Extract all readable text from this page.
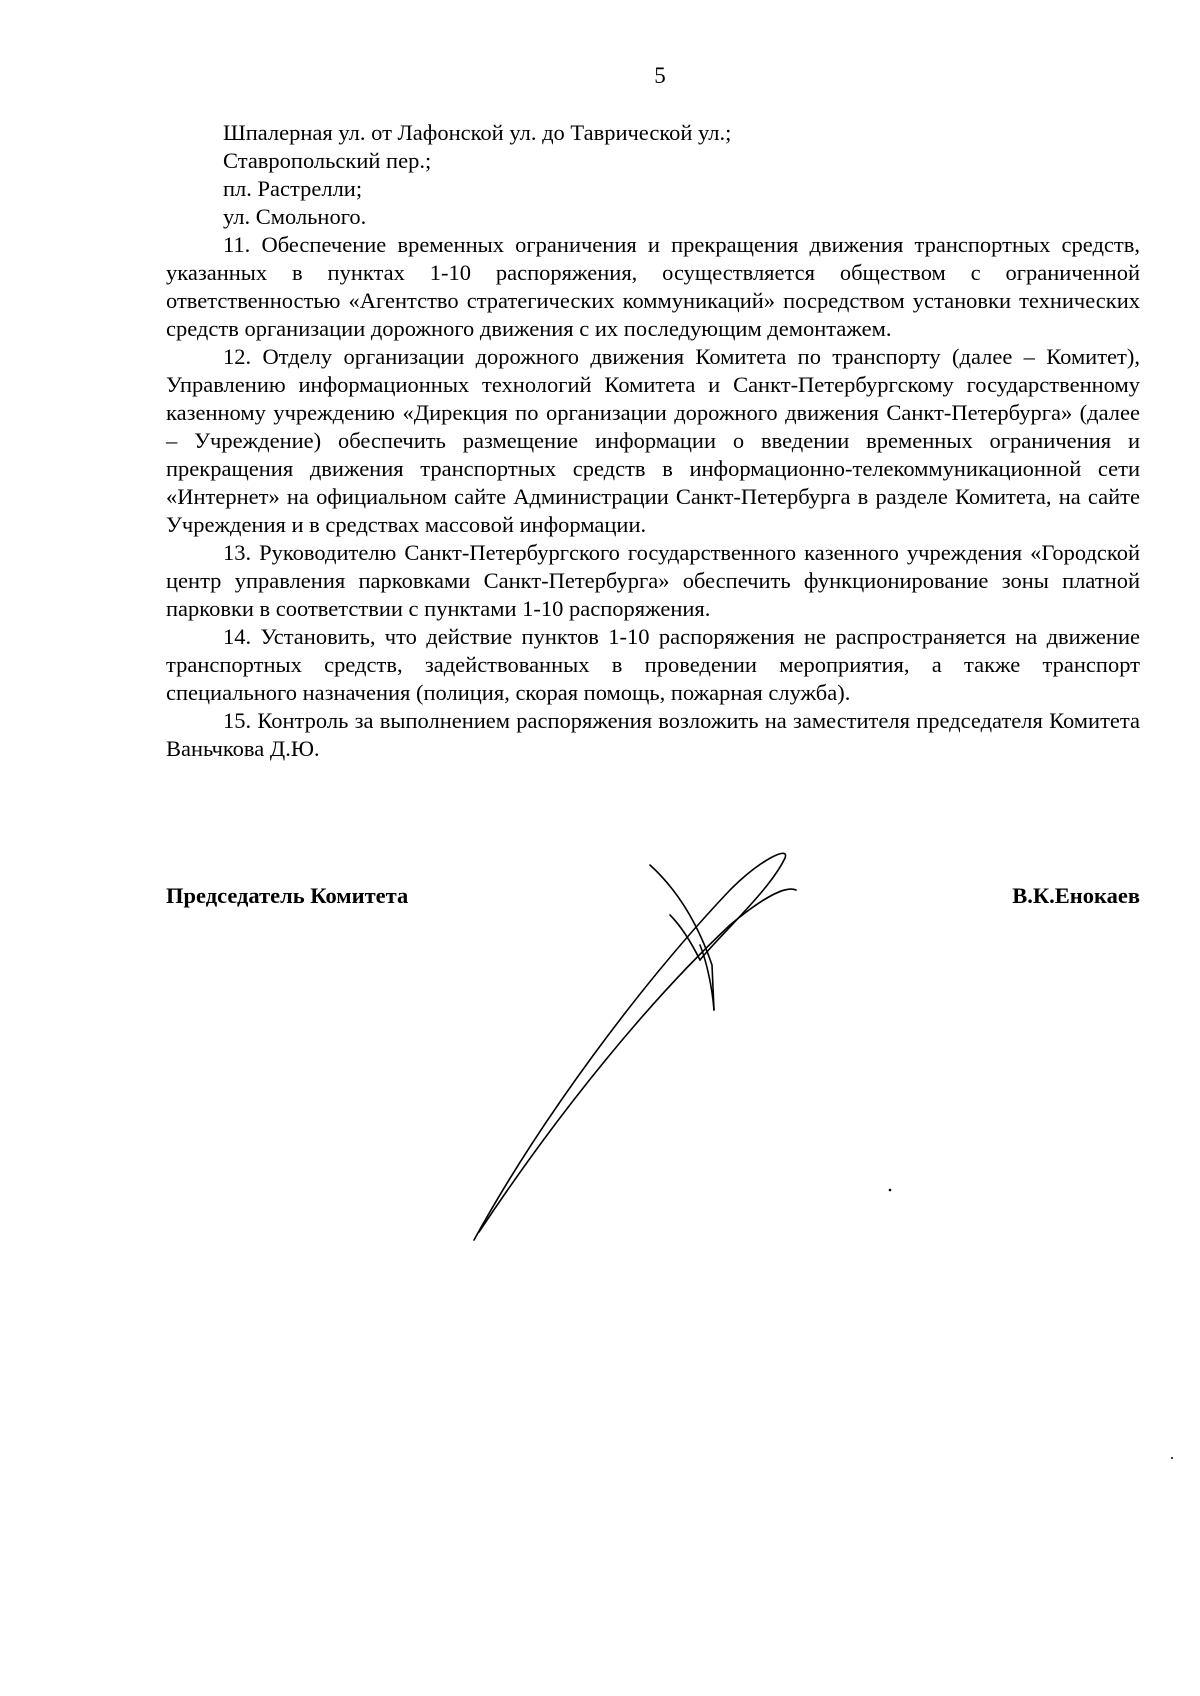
5

Шпалерная ул. от Лафонской ул. до Таврической ул.;

Ставропольский пер.;

пл. Растрелли;

ул. Смольного.

11. Обеспечение временных ограничения и прекращения движения транспортных средств, указанных в пунктах 1-10 распоряжения, осуществляется обществом с ограниченной ответственностью «Агентство стратегических коммуникаций» посредством установки технических средств организации дорожного движения с их последующим демонтажем.

12. Отделу организации дорожного движения Комитета по транспорту (далее – Комитет), Управлению информационных технологий Комитета и Санкт-Петербургскому государственному казенному учреждению «Дирекция по организации дорожного движения Санкт-Петербурга» (далее – Учреждение) обеспечить размещение информации о введении временных ограничения и прекращения движения транспортных средств в информационно-телекоммуникационной сети «Интернет» на официальном сайте Администрации Санкт-Петербурга в разделе Комитета, на сайте Учреждения и в средствах массовой информации.

13. Руководителю Санкт-Петербургского государственного казенного учреждения «Городской центр управления парковками Санкт-Петербурга» обеспечить функционирование зоны платной парковки в соответствии с пунктами 1-10 распоряжения.

14. Установить, что действие пунктов 1-10 распоряжения не распространяется на движение транспортных средств, задействованных в проведении мероприятия, а также транспорт специального назначения (полиция, скорая помощь, пожарная служба).

15. Контроль за выполнением распоряжения возложить на заместителя председателя Комитета Ваньчкова Д.Ю.

Председатель Комитета	В.К.Енокаев
